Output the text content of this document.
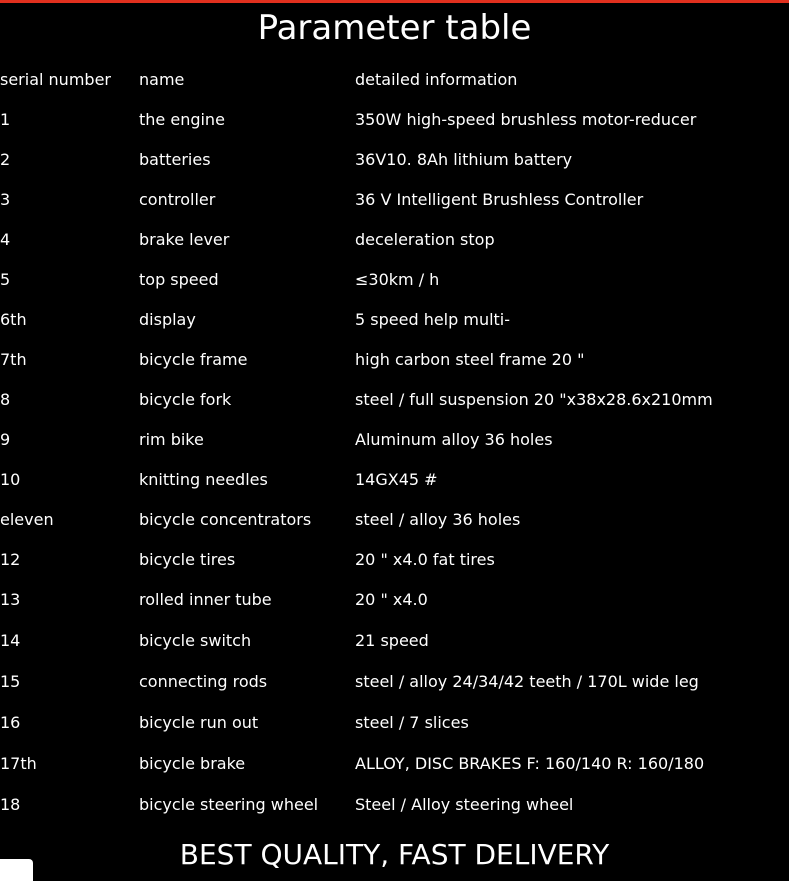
Parameter table
serial number	name	detailed information
1	the engine	350W high-speed brushless motor-reducer
2	batteries	36V10. 8Ah lithium battery
3	controller	36 V Intelligent Brushless Controller
4	brake lever	deceleration stop
5	top speed	≤30km / h
6th	display	5 speed help multi-
7th	bicycle frame	high carbon steel frame 20 "
8	bicycle fork	steel / full suspension 20 "x38x28.6x210mm
9	rim bike	Aluminum alloy 36 holes
10	knitting needles	14GX45 #
eleven	bicycle concentrators	steel / alloy 36 holes
12	bicycle tires	20 " x4.0 fat tires
13	rolled inner tube	20 " x4.0
14	bicycle switch	21 speed
15	connecting rods	steel / alloy 24/34/42 teeth / 170L wide leg
16	bicycle run out	steel / 7 slices
17th	bicycle brake	ALLOY, DISC BRAKES F: 160/140 R: 160/180
18	bicycle steering wheel	Steel / Alloy steering wheel
BEST QUALITY, FAST DELIVERY
